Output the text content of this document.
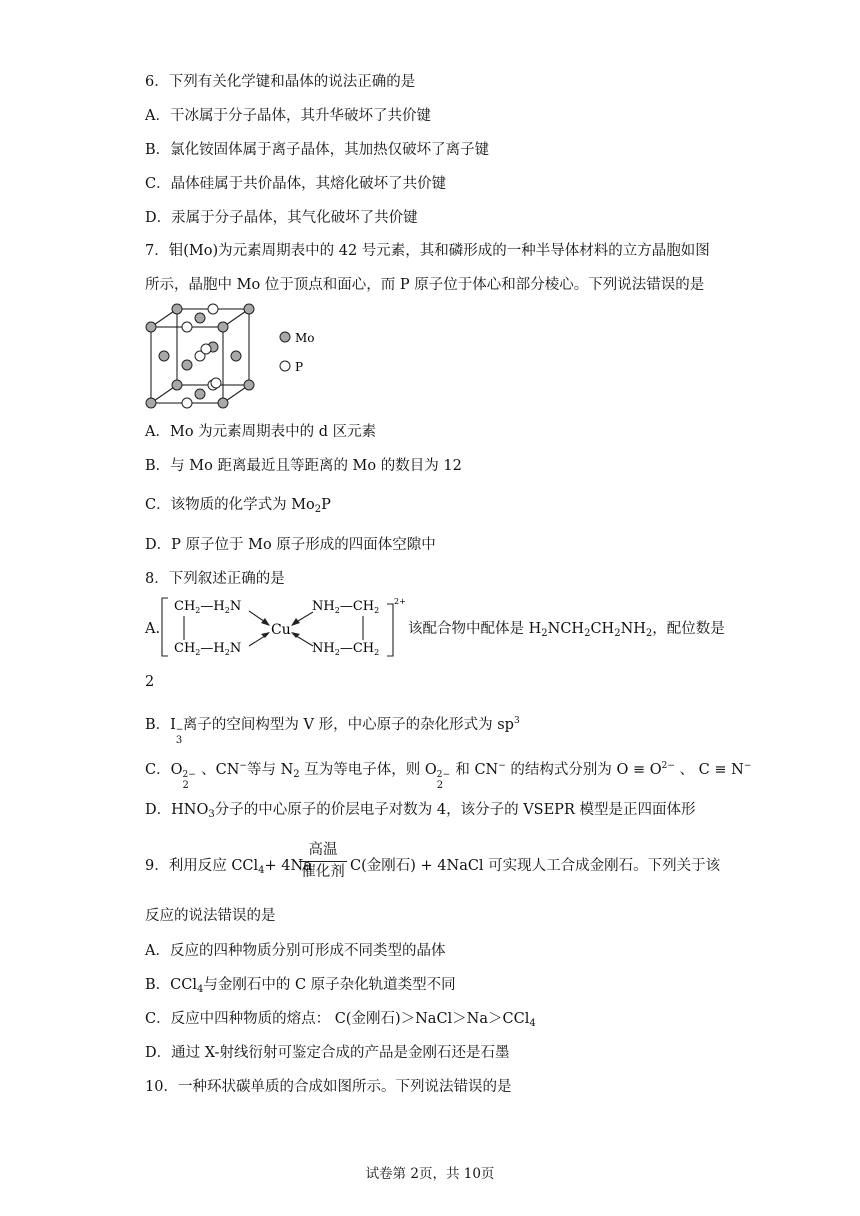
6．下列有关化学键和晶体的说法正确的是
A．干冰属于分子晶体，其升华破坏了共价键
B．氯化铵固体属于离子晶体，其加热仅破坏了离子键
C．晶体硅属于共价晶体，其熔化破坏了共价键
D．汞属于分子晶体，其气化破坏了共价键
7．钼(Mo)为元素周期表中的 42 号元素，其和磷形成的一种半导体材料的立方晶胞如图
所示，晶胞中 Mo 位于顶点和面心，而 P 原子位于体心和部分棱心。下列说法错误的是
Mo
P
A．Mo 为元素周期表中的 d 区元素
B．与 Mo 距离最近且等距离的 Mo 的数目为 12
C．该物质的化学式为 $Mo_2P$
D．P 原子位于 Mo 原子形成的四面体空隙中
8．下列叙述正确的是
A.
$CH_2—H_2N$
$CH_2—H_2N$
Cu
$NH_2—CH_2$
$NH_2—CH_2$
2+
该配合物中配体是 $H_2NCH_2CH_2NH_2$，配位数是
2
B．I −
3
离子的空间构型为 V 形，中心原子的杂化形式为 $sp^3$
C．O 2−
2
、CN−等与 $N_2$ 互为等电子体，则 O 2−
2
和 CN− 的结构式分别为 $O \equiv O^{2-}$ 、 C ≡ N−
D．$HNO_3$分子的中心原子的价层电子对数为 4，该分子的 VSEPR 模型是正四面体形
9．利用反应 CCl$_4$+ 4Na
高温
催化剂 C(金刚石) + 4NaCl 可实现人工合成金刚石。下列关于该
反应的说法错误的是
A．反应的四种物质分别可形成不同类型的晶体
B．CCl$_4$与金刚石中的 C 原子杂化轨道类型不同
C．反应中四种物质的熔点： C(金刚石)＞NaCl＞Na＞CCl$_4$
D．通过 X-射线衍射可鉴定合成的产品是金刚石还是石墨
10．一种环状碳单质的合成如图所示。下列说法错误的是
试卷第 2页，共 10页
